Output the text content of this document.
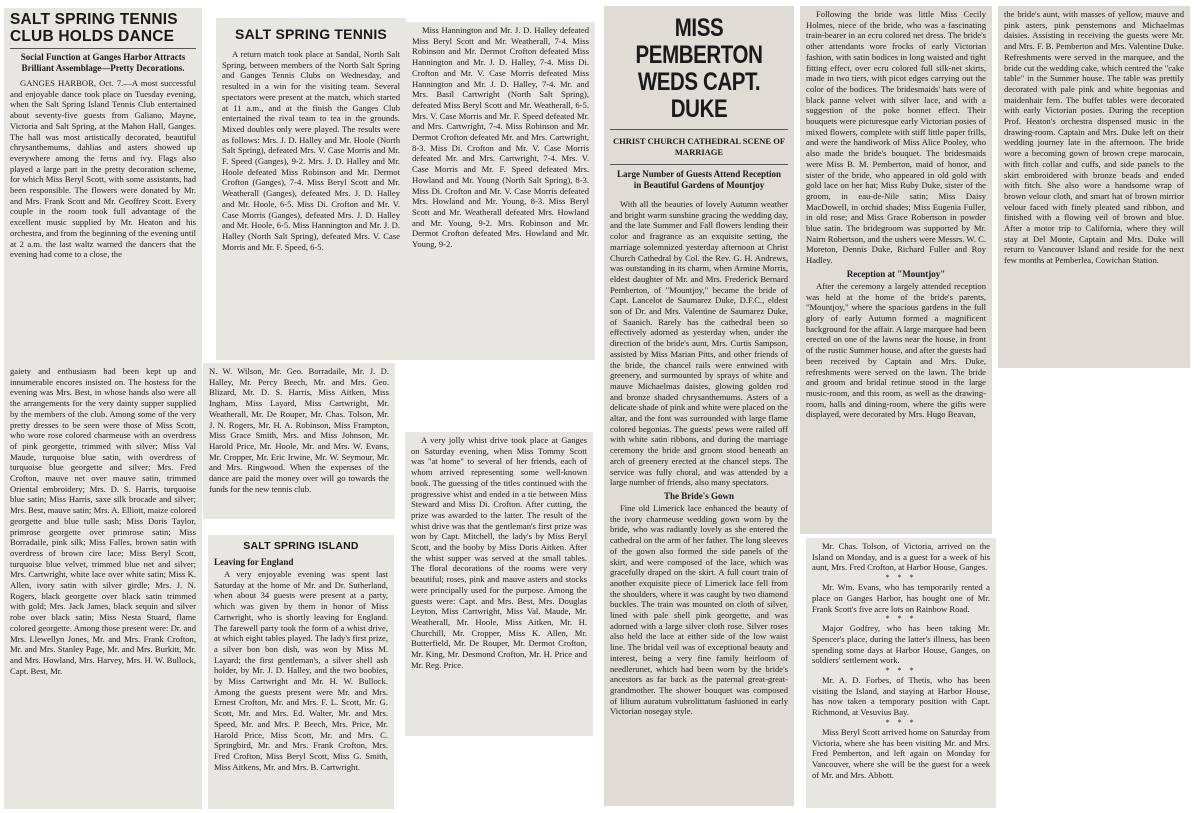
SALT SPRING TENNIS CLUB HOLDS DANCE
Social Function at Ganges Harbor Attracts Brilliant Assemblage—Pretty Decorations.

GANGES HARBOR, Oct. 7.—A most successful and enjoyable dance took place on Tuesday evening, when the Salt Spring Island Tennis Club entertained about seventy-five guests from Galiano, Mayne, Victoria and Salt Spring, at the Mahon Hall, Ganges. The hall was most artistically decorated, beautiful chrysanthemums, dahlias and asters showed up everywhere among the ferns and ivy. Flags also played a large part in the pretty decoration scheme, for which Miss Beryl Scott, with some assistants, had been responsible. The flowers were donated by Mr. and Mrs. Frank Scott and Mr. Geoffrey Scott. Every couple in the room took full advantage of the excellent music supplied by Mr. Heaton and his orchestra, and from the beginning of the evening until at 2 a.m. the last waltz warned the dancers that the evening had come to a close, the

gaiety and enthusiasm had been kept up and innumerable encores insisted on. The hostess for the evening was Mrs. Best, in whose hands also were all the arrangements for the very dainty supper supplied by the members of the club. Among some of the very pretty dresses to be seen were those of Miss Scott, who wore rose colored charmeuse with an overdress of pink georgette, trimmed with silver; Miss Val Maude, turquoise blue satin, with overdress of turquoise blue georgette and silver; Mrs. Fred Crofton, mauve net over mauve satin, trimmed Oriental embroidery; Mrs. D. S. Harris, turquoise blue satin; Miss Harris, saxe silk brocade and silver; Mrs. Best, mauve satin; Mrs. A. Elliott, maize colored georgette and blue tulle sash; Miss Doris Taylor, primrose georgette over primrose satin; Miss Borradaile, pink silk; Miss Falles, brown satin with overdress of brown cire lace; Miss Beryl Scott, turquoise blue velvet, trimmed blue net and silver; Mrs. Cartwright, white lace over white satin; Miss K. Allen, ivory satin with silver girdle; Mrs. J. N. Rogers, black georgette over black satin trimmed with gold; Mrs. Jack James, black sequin and silver robe over black satin; Miss Nesta Stuard, flame colored georgette. Among those present were: Dr. and Mrs. Llewellyn Jones, Mr. and Mrs. Frank Crofton, Mr. and Mrs. Stanley Page, Mr. and Mrs. Burkitt, Mr. and Mrs. Howland, Mrs. Harvey, Mrs. H. W. Bullock, Capt. Best, Mr.

SALT SPRING TENNIS

A return match took place at Sandal, North Salt Spring, between members of the North Salt Spring and Ganges Tennis Clubs on Wednesday, and resulted in a win for the visiting team. Several spectators were present at the match, which started at 11 a.m., and at the finish the Ganges Club entertained the rival team to tea in the grounds. Mixed doubles only were played. The results were as follows: Mrs. J. D. Halley and Mr. Hoole (North Salt Spring), defeated Mrs. V. Case Morris and Mr. F. Speed (Ganges), 9-2. Mrs. J. D. Halley and Mr. Hoole defeated Miss Robinson and Mr. Dermot Crofton (Ganges), 7-4. Miss Beryl Scott and Mr. Weatherall (Ganges), defeated Mrs. J. D. Halley and Mr. Hoole, 6-5. Miss Di. Crofton and Mr. V. Case Morris (Ganges), defeated Mrs. J. D. Halley and Mr. Hoole, 6-5. Miss Hannington and Mr. J. D. Halley (North Salt Spring), defeated Mrs. V. Case Morris and Mr. F. Speed, 6-5.

Miss Hannington and Mr. J. D. Halley defeated Miss Beryl Scott and Mr. Weatherall, 7-4. Miss Robinson and Mr. Dermot Crofton defeated Miss Hannington and Mr. J. D. Halley, 7-4. Miss Di. Crofton and Mr. V. Case Morris defeated Miss Hannington and Mr. J. D. Halley, 7-4. Mr. and Mrs. Basil Cartwright (North Salt Spring), defeated Miss Beryl Scott and Mr. Weatherall, 6-5. Mrs. V. Case Morris and Mr. F. Speed defeated Mr. and Mrs. Cartwright, 7-4. Miss Robinson and Mr. Dermot Crofton defeated Mr. and Mrs. Cartwright, 8-3. Miss Di. Crofton and Mr. V. Case Morris defeated Mr. and Mrs. Cartwright, 7-4. Mrs. V. Case Morris and Mr. F. Speed defeated Mrs. Howland and Mr. Young (North Salt Spring), 8-3. Miss Di. Crofton and Mr. V. Case Morris defeated Mrs. Howland and Mr. Young, 8-3. Miss Beryl Scott and Mr. Weatherall defeated Mrs. Howland and Mr. Young, 9-2. Mrs. Robinson and Mr. Dermot Crofton defeated Mrs. Howland and Mr. Young, 9-2.

N. W. Wilson, Mr. Geo. Borradaile, Mr. J. D. Halley, Mr. Percy Beech, Mr. and Mrs. Geo. Blizard, Mr. D. S. Harris, Miss Aitken, Miss Ingham, Miss Layard, Miss Cartwright, Mr. Weatherall, Mr. De Rouper, Mr. Chas. Tolson, Mr. J. N. Rogers, Mr. H. A. Robinson, Miss Frampton, Miss Grace Smith, Mrs. and Miss Johnson, Mr. Harold Price, Mr. Hoole, Mr. and Mrs. W. Evans, Mr. Cropper, Mr. Eric Irwine, Mr. W. Seymour, Mr. and Mrs. Ringwood. When the expenses of the dance are paid the money over will go towards the funds for the new tennis club.

SALT SPRING ISLAND
Leaving for England

A very enjoyable evening was spent last Saturday at the home of Mr. and Dr. Sutherland, when about 34 guests were present at a party, which was given by them in honor of Miss Cartwright, who is shortly leaving for England. The farewell party took the form of a whist drive, at which eight tables played. The lady's first prize, a silver bon bon dish, was won by Miss M. Layard; the first gentleman's, a silver shell ash holder, by Mr. J. D. Halley, and the two boobies, by Miss Cartwright and Mr. H. W. Bullock. Among the guests present were Mr. and Mrs. Ernest Crofton, Mr. and Mrs. F. L. Scott, Mr. G. Scott, Mr. and Mrs. Ed. Walter, Mr. and Mrs. Speed, Mr. and Mrs. P. Beech, Mrs. Price, Mr. Harold Price, Miss Scott, Mr. and Mrs. C. Springbird, Mr. and Mrs. Frank Crofton, Mrs. Fred Crofton, Miss Beryl Scott, Miss G. Smith, Miss Aitkens, Mr. and Mrs. B. Cartwright.

A very jolly whist drive took place at Ganges on Saturday evening, when Miss Tommy Scott was "at home" to several of her friends, each of whom arrived representing some well-known book. The guessing of the titles continued with the progressive whist and ended in a tie between Miss Steward and Miss Di. Crofton. After cutting, the prize was awarded to the latter. The result of the whist drive was that the gentleman's first prize was won by Capt. Mitchell, the lady's by Miss Beryl Scott, and the booby by Miss Doris Aitken. After the whist supper was served at the small tables. The floral decorations of the rooms were very beautiful; roses, pink and mauve asters and stocks were principally used for the purpose. Among the guests were: Capt. and Mrs. Best, Mrs. Douglas Leyton, Miss Cartwright, Miss Val. Maude, Mr. Weatherall, Mr. Hoole, Miss Aitken, Mr. H. Churchill, Mr. Cropper, Miss K. Allen, Mr. Butterfield, Mr. De Rouper, Mr. Dermot Crofton, Mr. King, Mr. Desmond Crofton, Mr. H. Price and Mr. Reg. Price.

MISS PEMBERTON WEDS CAPT. DUKE
CHRIST CHURCH CATHEDRAL SCENE OF MARRIAGE
Large Number of Guests Attend Reception in Beautiful Gardens of Mountjoy

With all the beauties of lovely Autumn weather and bright warm sunshine gracing the wedding day, and the late Summer and Fall flowers lending their color and fragrance as an exquisite setting, the marriage solemnized yesterday afternoon at Christ Church Cathedral by Col. the Rev. G. H. Andrews, was outstanding in its charm, when Armine Morris, eldest daughter of Mr. and Mrs. Frederick Bernard Pemberton, of "Mountjoy," became the bride of Capt. Lancelot de Saumarez Duke, D.F.C., eldest son of Dr. and Mrs. Valentine de Saumarez Duke, of Saanich. Rarely has the cathedral been so effectively adorned as yesterday when, under the direction of the bride's aunt, Mrs. Curtis Sampson, assisted by Miss Marian Pitts, and other friends of the bride, the chancel rails were entwined with greenery, and surmounted by sprays of white and mauve Michaelmas daisies, glowing golden rod and bronze shaded chrysanthemums. Asters of a delicate shade of pink and white were placed on the altar, and the font was surrounded with large flame colored begonias. The guests' pews were railed off with white satin ribbons, and during the marriage ceremony the bride and groom stood beneath an arch of greenery erected at the chancel steps. The service was fully choral, and was attended by a large number of friends, also many spectators.

The Bride's Gown

Fine old Limerick lace enhanced the beauty of the ivory charmeuse wedding gown worn by the bride, who was radiantly lovely as she entered the cathedral on the arm of her father. The long sleeves of the gown also formed the side panels of the skirt, and were composed of the lace, which was gracefully draped on the skirt. A full court train of another exquisite piece of Limerick lace fell from the shoulders, where it was caught by two diamond buckles. The train was mounted on cloth of silver, lined with pale shell pink georgette, and was adorned with a large silver cloth rose. Silver roses also held the lace at either side of the low waist line. The bridal veil was of exceptional beauty and interest, being a very fine family heirloom of needlerunet, which had been worn by the bride's ancestors as far back as the paternal great-great-grandmother. The shower bouquet was composed of lilium auratum vubrolittatum fashioned in early Victorian nosegay style.

Following the bride was little Miss Cecily Holmes, niece of the bride, who was a fascinating train-bearer in an ecru colored net dress. The bride's other attendants wore frocks of early Victorian fashion, with satin bodices in long waisted and tight fitting effect, over ecru colored full silk-net skirts, made in two tiers, with picot edges carrying out the color of the bodices. The bridesmaids' hats were of black panne velvet with silver lace, and with a suggestion of the poke bonnet effect. Their bouquets were picturesque early Victorian posies of mixed flowers, complete with stiff little paper frills, and were the handiwork of Miss Alice Pooley, who also made the bride's bouquet. The bridesmaids were Miss B. M. Pemberton, maid of honor, and sister of the bride, who appeared in old gold with gold lace on her hat; Miss Ruby Duke, sister of the groom, in eau-de-Nile satin; Miss Daisy MacDowell, in orchid shades; Miss Eugenia Fuller, in old rose; and Miss Grace Robertson in powder blue satin. The bridegroom was supported by Mr. Nairn Robertson, and the ushers were Messrs. W. C. Moreton, Dennis Duke, Richard Fuller and Roy Hadley.

Reception at "Mountjoy"

After the ceremony a largely attended reception was held at the home of the bride's parents, "Mountjoy," where the spacious gardens in the full glory of early Autumn formed a magnificent background for the affair. A large marquee had been erected on one of the lawns near the house, in front of the rustic Summer house, and after the guests had been received by Captain and Mrs. Duke, refreshments were served on the lawn. The bride and groom and bridal retinue stood in the large music-room, and this room, as well as the drawing-room, halls and dining-room, where the gifts were displayed, were decorated by Mrs. Hugo Beavan,

the bride's aunt, with masses of yellow, mauve and pink asters, pink penstemons and Michaelmas daisies. Assisting in receiving the guests were Mr. and Mrs. F. B. Pemberton and Mrs. Valentine Duke. Refreshments were served in the marquee, and the bride cut the wedding cake, which centred the "cake table" in the Summer house. The table was prettily decorated with pale pink and white begonias and maidenhair fern. The buffet tables were decorated with early Victorian posies. During the reception Prof. Heaton's orchestra dispensed music in the drawing-room. Captain and Mrs. Duke left on their wedding journey late in the afternoon. The bride wore a becoming gown of brown crepe marocain, with fitch collar and cuffs, and side panels to the skirt embroidered with bronze beads and ended with fitch. She also wore a handsome wrap of brown velour cloth, and smart hat of brown mirrior velour faced with finely pleated sand ribbon, and finished with a flowing veil of brown and blue. After a motor trip to California, where they will stay at Del Monte, Captain and Mrs. Duke will return to Vancouver Island and reside for the next few months at Pemberlea, Cowichan Station.

Mr. Chas. Tolson, of Victoria, arrived on the Island on Monday, and is a guest for a week of his aunt, Mrs. Fred Crofton, at Harbor House, Ganges.

* * *

Mr. Wm. Evans, who has temporarily rented a place on Ganges Harbor, has bought one of Mr. Frank Scott's five acre lots on Rainbow Road.

* * *

Major Godfrey, who has been taking Mr. Spencer's place, during the latter's illness, has been spending some days at Harbor House, Ganges, on soldiers' settlement work.

* * *

Mr. A. D. Forbes, of Thetis, who has been visiting the Island, and staying at Harbor House, has now taken a temporary position with Capt. Richmond, at Vesuvius Bay.

* * *

Miss Beryl Scott arrived home on Saturday from Victoria, where she has been visiting Mr. and Mrs. Fred Pemberton, and left again on Monday for Vancouver, where she will be the guest for a week of Mr. and Mrs. Abbott.
